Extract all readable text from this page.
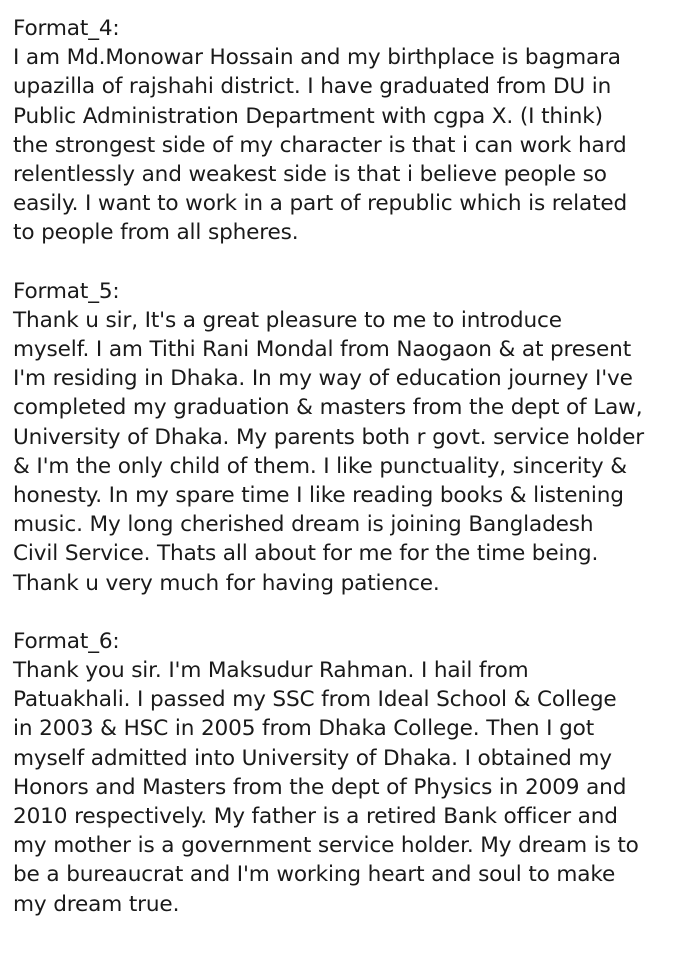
Format_4:
I am Md.Monowar Hossain and my birthplace is bagmara
upazilla of rajshahi district. I have graduated from DU in
Public Administration Department with cgpa X. (I think)
the strongest side of my character is that i can work hard
relentlessly and weakest side is that i believe people so
easily. I want to work in a part of republic which is related
to people from all spheres.
Format_5:
Thank u sir, It's a great pleasure to me to introduce
myself. I am Tithi Rani Mondal from Naogaon & at present
I'm residing in Dhaka. In my way of education journey I've
completed my graduation & masters from the dept of Law,
University of Dhaka. My parents both r govt. service holder
& I'm the only child of them. I like punctuality, sincerity &
honesty. In my spare time I like reading books & listening
music. My long cherished dream is joining Bangladesh
Civil Service. Thats all about for me for the time being.
Thank u very much for having patience.
Format_6:
Thank you sir. I'm Maksudur Rahman. I hail from
Patuakhali. I passed my SSC from Ideal School & College
in 2003 & HSC in 2005 from Dhaka College. Then I got
myself admitted into University of Dhaka. I obtained my
Honors and Masters from the dept of Physics in 2009 and
2010 respectively. My father is a retired Bank officer and
my mother is a government service holder. My dream is to
be a bureaucrat and I'm working heart and soul to make
my dream true.
